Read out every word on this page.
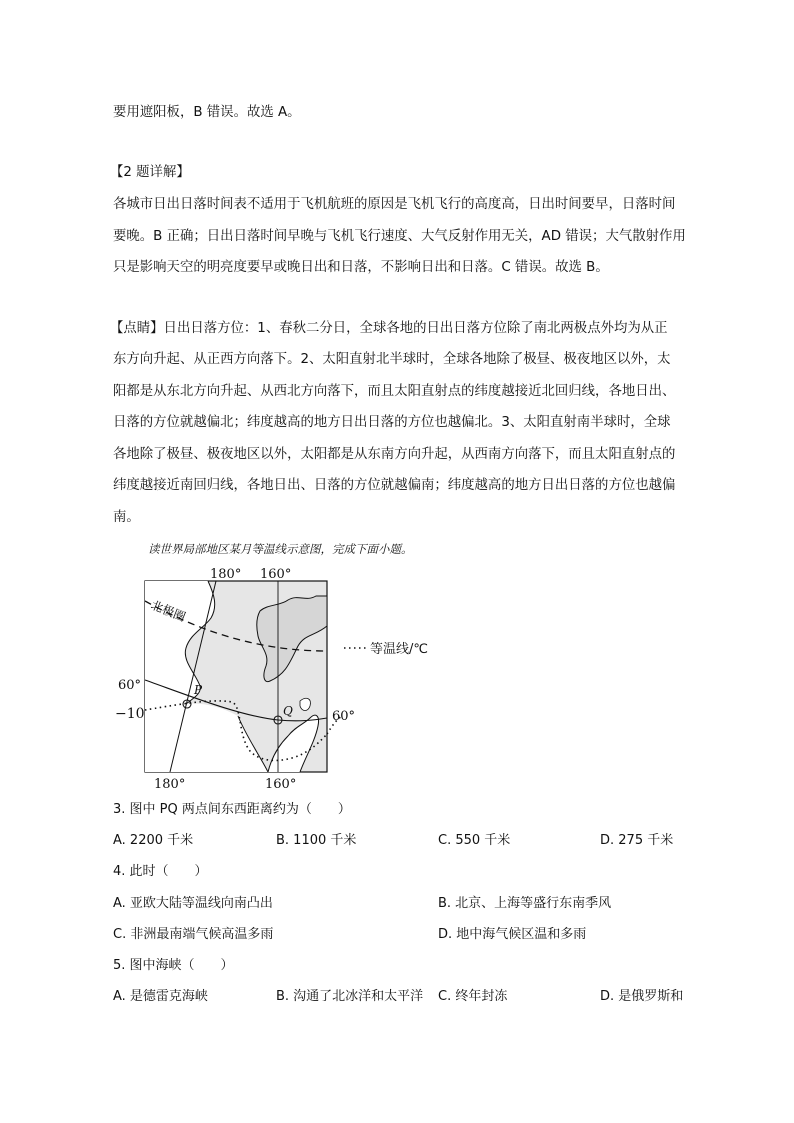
要用遮阳板，B 错误。故选 A。
【2 题详解】
各城市日出日落时间表不适用于飞机航班的原因是飞机飞行的高度高，日出时间要早，日落时间
要晚。B 正确；日出日落时间早晚与飞机飞行速度、大气反射作用无关，AD 错误；大气散射作用
只是影响天空的明亮度要早或晚日出和日落，不影响日出和日落。C 错误。故选 B。
【点睛】日出日落方位：1、春秋二分日，全球各地的日出日落方位除了南北两极点外均为从正
东方向升起、从正西方向落下。2、太阳直射北半球时，全球各地除了极昼、极夜地区以外，太
阳都是从东北方向升起、从西北方向落下，而且太阳直射点的纬度越接近北回归线，各地日出、
日落的方位就越偏北；纬度越高的地方日出日落的方位也越偏北。3、太阳直射南半球时，全球
各地除了极昼、极夜地区以外，太阳都是从东南方向升起，从西南方向落下，而且太阳直射点的
纬度越接近南回归线，各地日出、日落的方位就越偏南；纬度越高的地方日出日落的方位也越偏
南。
读世界局部地区某月等温线示意图，完成下面小题。
P
Q
北极圈
180° 160°
180°	160°
60°
−10	60°
等温线/℃
3. 图中 PQ 两点间东西距离约为（　　）
A. 2200 千米	B. 1100 千米	C. 550 千米	D. 275 千米
4. 此时（　　）
A. 亚欧大陆等温线向南凸出	B. 北京、上海等盛行东南季风
C. 非洲最南端气候高温多雨	D. 地中海气候区温和多雨
5. 图中海峡（　　）
A. 是德雷克海峡	B. 沟通了北冰洋和太平洋 C. 终年封冻	D. 是俄罗斯和
